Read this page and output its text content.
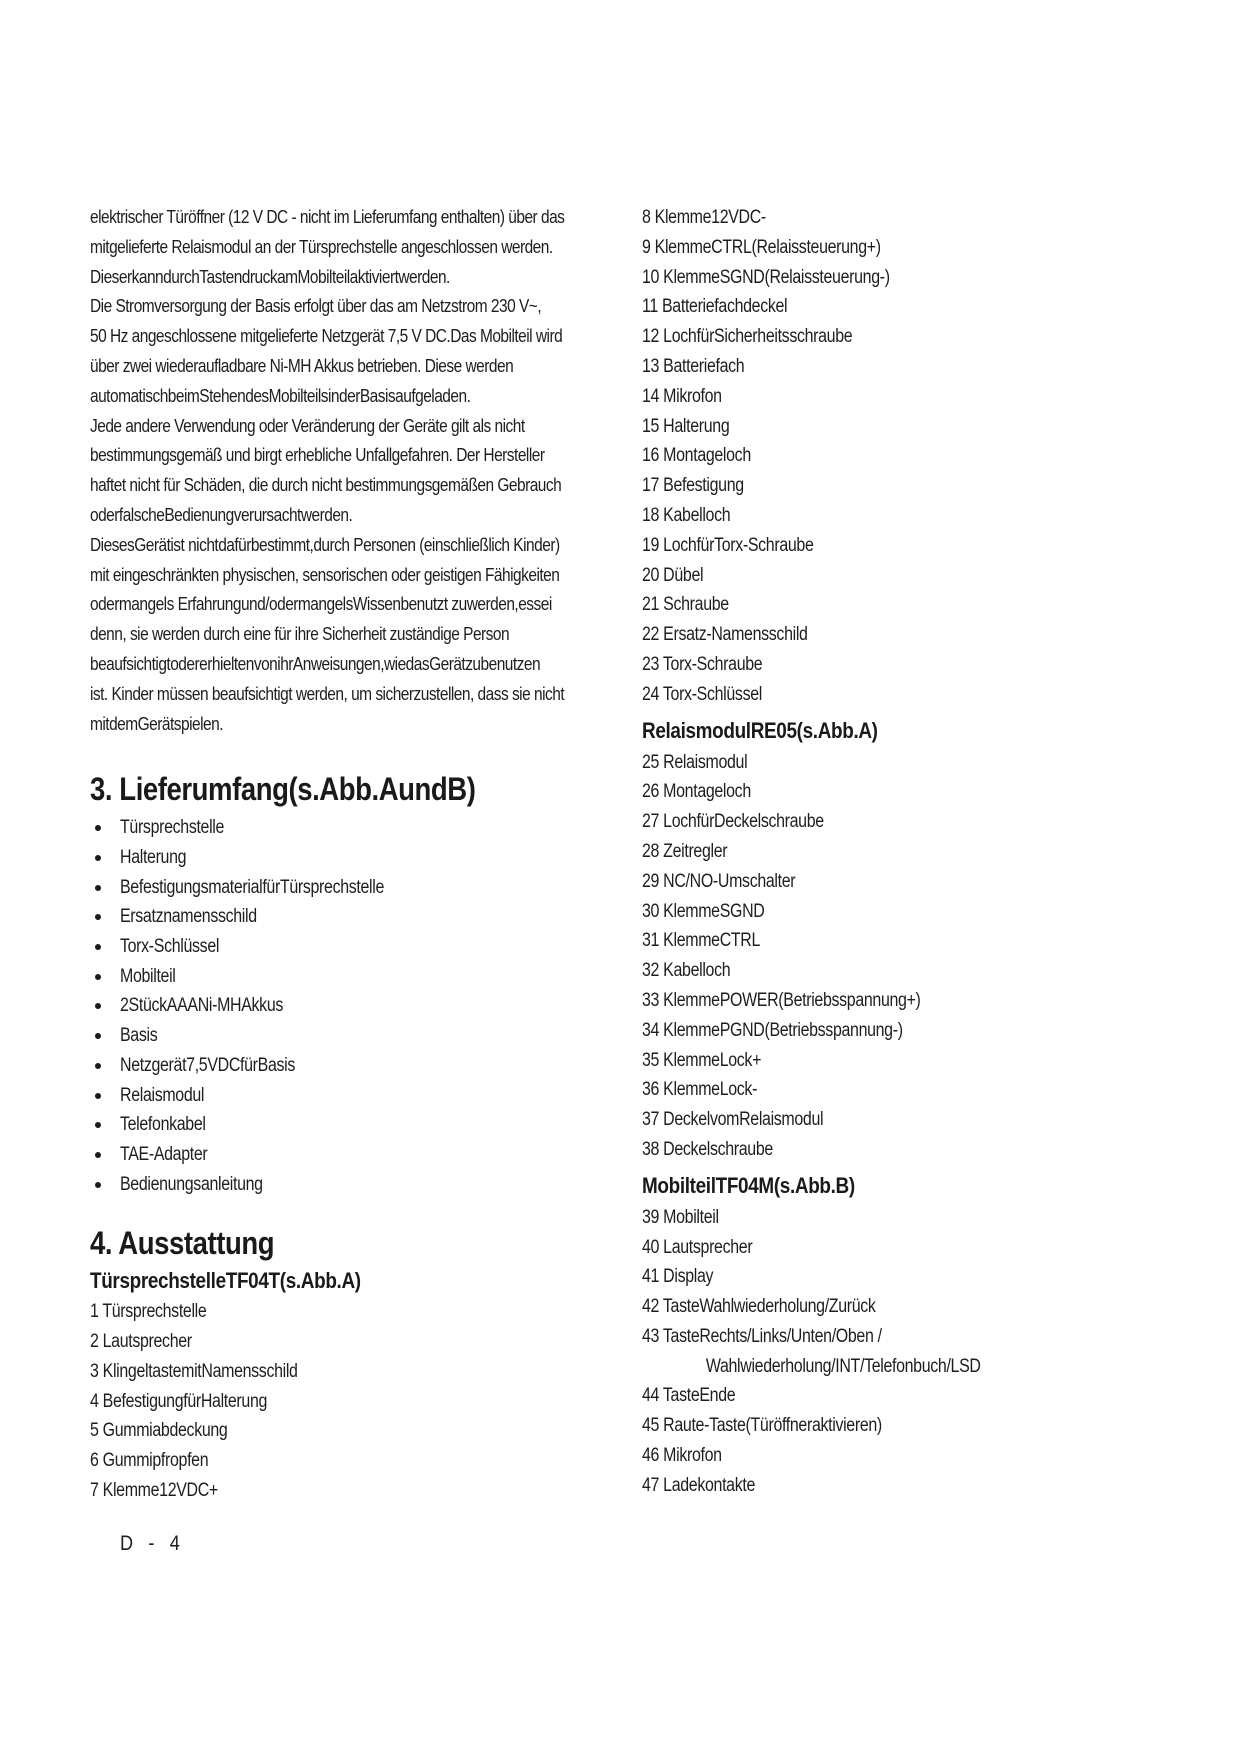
elektrischer Türöffner (12 V DC - nicht im Lieferumfang enthalten) über das

mitgelieferte Relaismodul an der Türsprechstelle angeschlossen werden.

DieserkanndurchTastendruckamMobilteilaktiviertwerden.

Die Stromversorgung der Basis erfolgt über das am Netzstrom 230 V~,

50 Hz angeschlossene mitgelieferte Netzgerät 7,5 V DC.Das Mobilteil wird

über zwei wiederaufladbare Ni-MH Akkus betrieben. Diese werden

automatischbeimStehendesMobilteilsinderBasisaufgeladen.

Jede andere Verwendung oder Veränderung der Geräte gilt als nicht

bestimmungsgemäß und birgt erhebliche Unfallgefahren. Der Hersteller

haftet nicht für Schäden, die durch nicht bestimmungsgemäßen Gebrauch

oderfalscheBedienungverursachtwerden.

DiesesGerätist nichtdafürbestimmt,durch Personen (einschließlich Kinder)

mit eingeschränkten physischen, sensorischen oder geistigen Fähigkeiten

odermangels Erfahrungund/odermangelsWissenbenutzt zuwerden,essei

denn, sie werden durch eine für ihre Sicherheit zuständige Person

beaufsichtigtodererhieltenvonihrAnweisungen,wiedasGerätzubenutzen

ist. Kinder müssen beaufsichtigt werden, um sicherzustellen, dass sie nicht

mitdemGerätspielen.

3. Lieferumfang(s.Abb.AundB)
Türsprechstelle
Halterung
BefestigungsmaterialfürTürsprechstelle
Ersatznamensschild
Torx-Schlüssel
Mobilteil
2StückAAANi-MHAkkus
Basis
Netzgerät7,5VDCfürBasis
Relaismodul
Telefonkabel
TAE-Adapter
Bedienungsanleitung
4. Ausstattung
TürsprechstelleTF04T(s.Abb.A)
1 Türsprechstelle
2 Lautsprecher
3 KlingeltastemitNamensschild
4 BefestigungfürHalterung
5 Gummiabdeckung
6 Gummipfropfen
7 Klemme12VDC+
8 Klemme12VDC-
9 KlemmeCTRL(Relaissteuerung+)
10 KlemmeSGND(Relaissteuerung-)
11 Batteriefachdeckel
12 LochfürSicherheitsschraube
13 Batteriefach
14 Mikrofon
15 Halterung
16 Montageloch
17 Befestigung
18 Kabelloch
19 LochfürTorx-Schraube
20 Dübel
21 Schraube
22 Ersatz-Namensschild
23 Torx-Schraube
24 Torx-Schlüssel
RelaismodulRE05(s.Abb.A)
25 Relaismodul
26 Montageloch
27 LochfürDeckelschraube
28 Zeitregler
29 NC/NO-Umschalter
30 KlemmeSGND
31 KlemmeCTRL
32 Kabelloch
33 KlemmePOWER(Betriebsspannung+)
34 KlemmePGND(Betriebsspannung-)
35 KlemmeLock+
36 KlemmeLock-
37 DeckelvomRelaismodul
38 Deckelschraube
MobilteilTF04M(s.Abb.B)
39 Mobilteil
40 Lautsprecher
41 Display
42 TasteWahlwiederholung/Zurück
43 TasteRechts/Links/Unten/Oben /
Wahlwiederholung/INT/Telefonbuch/LSD
44 TasteEnde
45 Raute-Taste(Türöffneraktivieren)
46 Mikrofon
47 Ladekontakte
D - 4
